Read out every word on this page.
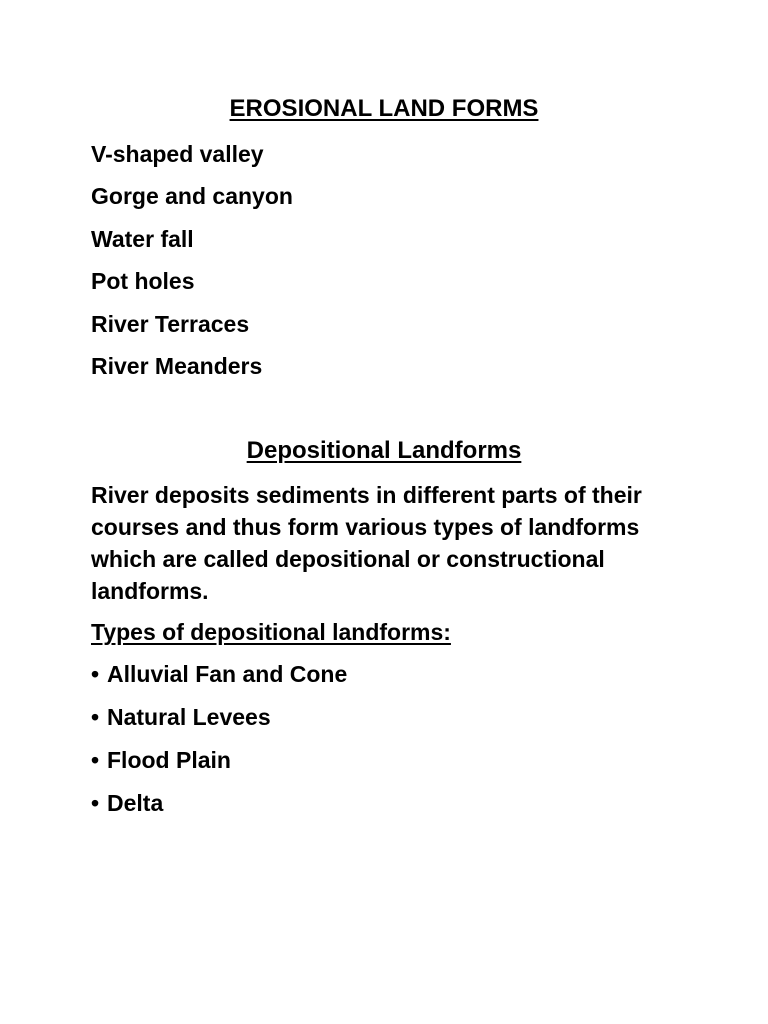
EROSIONAL LAND FORMS
V-shaped valley
Gorge and canyon
Water fall
Pot holes
River Terraces
River Meanders
Depositional Landforms

River deposits sediments in different parts of their courses and thus form various types of landforms which are called depositional or constructional landforms.

Types of depositional landforms:

• Alluvial Fan and Cone
• Natural Levees
• Flood Plain
• Delta
